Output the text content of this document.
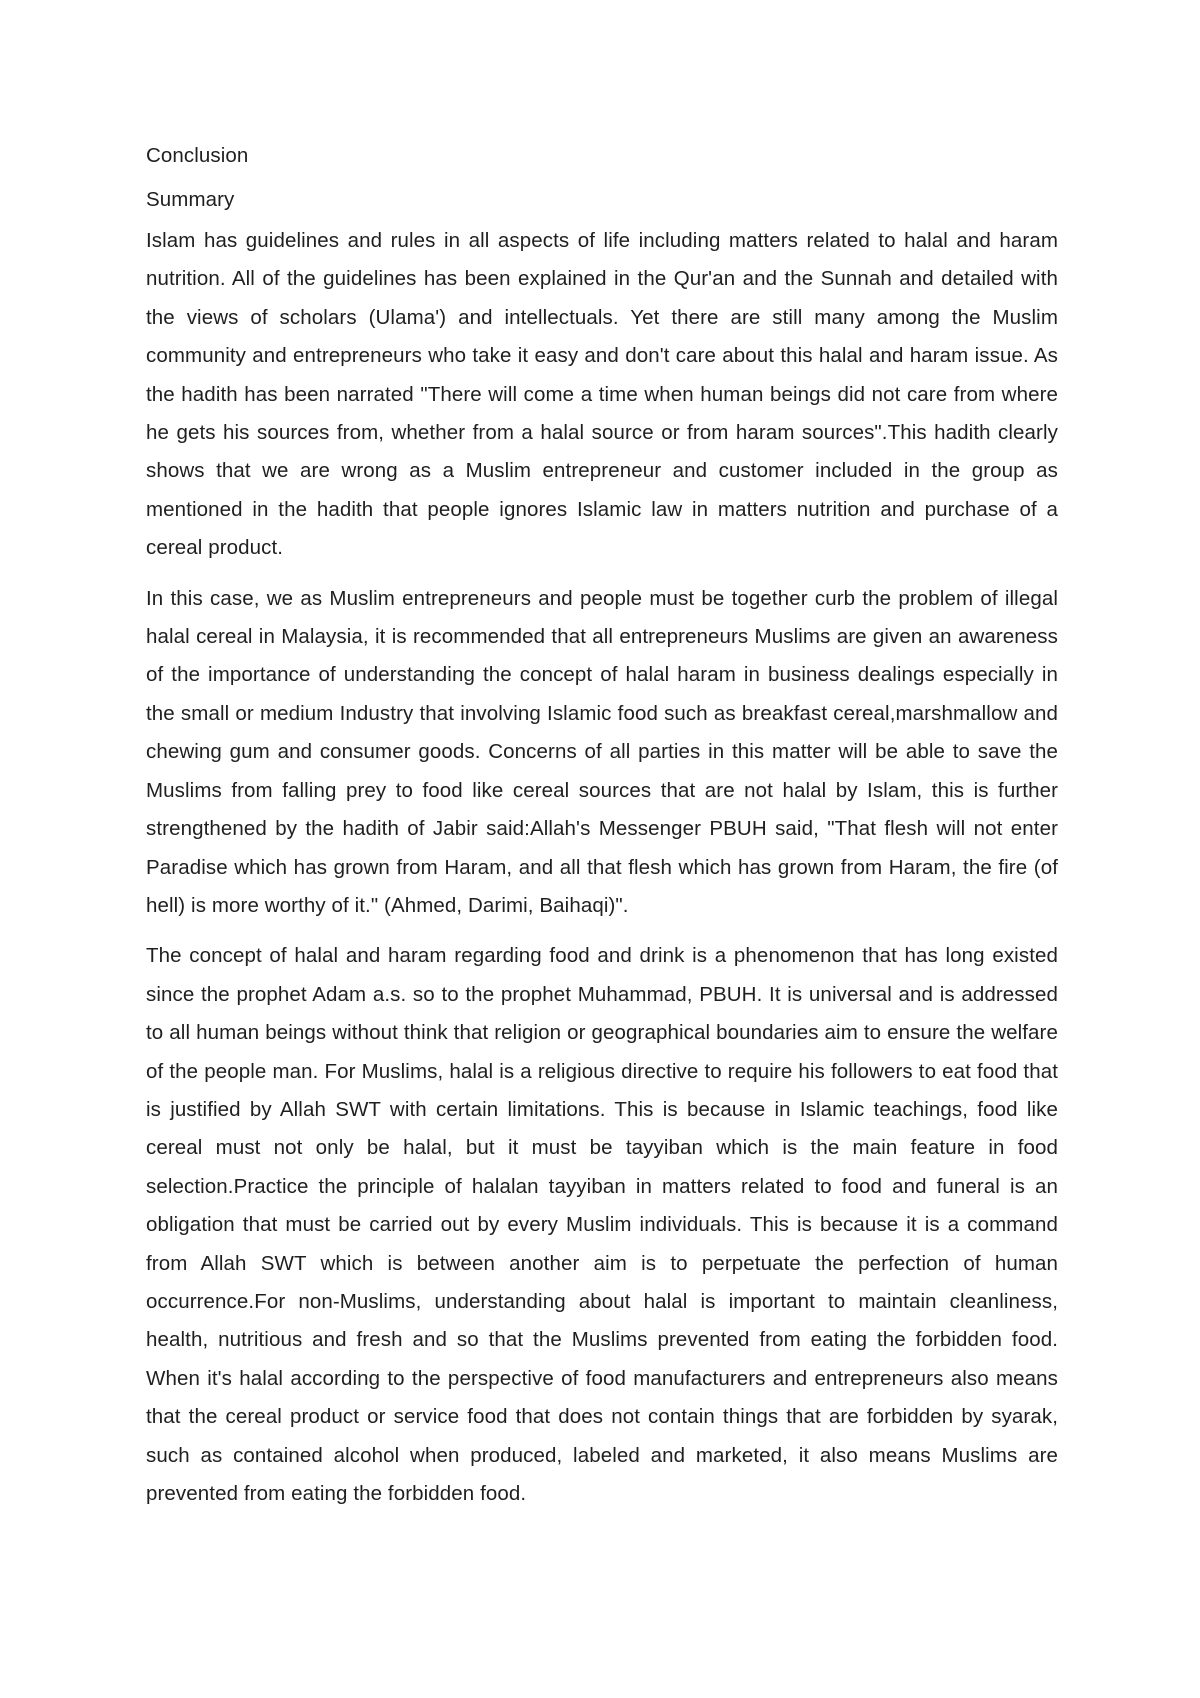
Conclusion
Summary

Islam has guidelines and rules in all aspects of life including matters related to halal and haram nutrition. All of the guidelines has been explained in the Qur'an and the Sunnah and detailed with the views of scholars (Ulama') and intellectuals. Yet there are still many among the Muslim community and entrepreneurs who take it easy and don't care about this halal and haram issue. As the hadith has been narrated "There will come a time when human beings did not care from where he gets his sources from, whether from a halal source or from haram sources".This hadith clearly shows that we are wrong as a Muslim entrepreneur and customer included in the group as mentioned in the hadith that people ignores Islamic law in matters nutrition and purchase of a cereal product.

In this case, we as Muslim entrepreneurs and people must be together curb the problem of illegal halal cereal in Malaysia, it is recommended that all entrepreneurs Muslims are given an awareness of the importance of understanding the concept of halal haram in business dealings especially in the small or medium Industry that involving Islamic food such as breakfast cereal,marshmallow and chewing gum and consumer goods. Concerns of all parties in this matter will be able to save the Muslims from falling prey to food like cereal sources that are not halal by Islam, this is further strengthened by the hadith of Jabir said:Allah's Messenger PBUH said, "That flesh will not enter Paradise which has grown from Haram, and all that flesh which has grown from Haram, the fire (of hell) is more worthy of it." (Ahmed, Darimi, Baihaqi)".

The concept of halal and haram regarding food and drink is a phenomenon that has long existed since the prophet Adam a.s. so to the prophet Muhammad, PBUH. It is universal and is addressed to all human beings without think that religion or geographical boundaries aim to ensure the welfare of the people man. For Muslims, halal is a religious directive to require his followers to eat food that is justified by Allah SWT with certain limitations. This is because in Islamic teachings, food like cereal must not only be halal, but it must be tayyiban which is the main feature in food selection.Practice the principle of halalan tayyiban in matters related to food and funeral is an obligation that must be carried out by every Muslim individuals. This is because it is a command from Allah SWT which is between another aim is to perpetuate the perfection of human occurrence.For non-Muslims, understanding about halal is important to maintain cleanliness, health, nutritious and fresh and so that the Muslims prevented from eating the forbidden food. When it's halal according to the perspective of food manufacturers and entrepreneurs also means that the cereal product or service food that does not contain things that are forbidden by syarak, such as contained alcohol when produced, labeled and marketed, it also means Muslims are prevented from eating the forbidden food.
